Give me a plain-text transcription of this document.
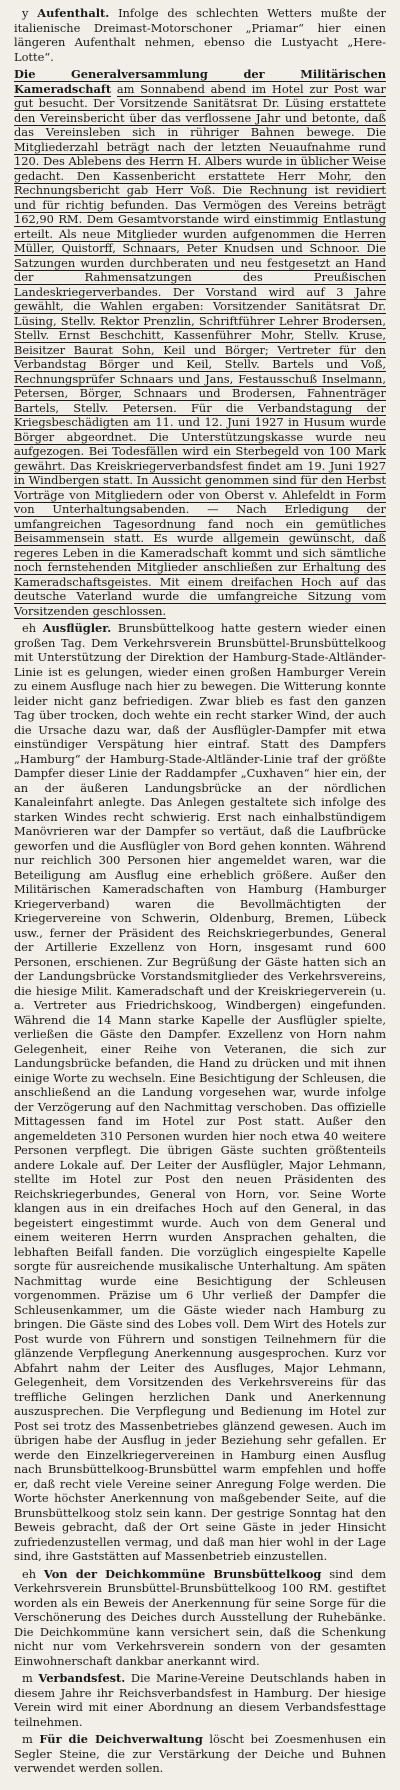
y Aufenthalt. Infolge des schlechten Wetters mußte der italienische Dreimast-Motorschoner „Priamar“ hier einen längeren Aufenthalt nehmen, ebenso die Lustyacht „Here-Lotte“.

Die Generalversammlung der Militärischen Kameradschaft am Sonnabend abend im Hotel zur Post war gut besucht. Der Vorsitzende Sanitätsrat Dr. Lüsing erstattete den Vereinsbericht über das verflossene Jahr und betonte, daß das Vereinsleben sich in rühriger Bahnen bewege. Die Mitgliederzahl beträgt nach der letzten Neuaufnahme rund 120. Des Ablebens des Herrn H. Albers wurde in üblicher Weise gedacht. Den Kassenbericht erstattete Herr Mohr, den Rechnungsbericht gab Herr Voß. Die Rechnung ist revidiert und für richtig befunden. Das Vermögen des Vereins beträgt 162,90 RM. Dem Gesamtvorstande wird einstimmig Entlastung erteilt. Als neue Mitglieder wurden aufgenommen die Herren Müller, Quistorff, Schnaars, Peter Knudsen und Schnoor. Die Satzungen wurden durchberaten und neu festgesetzt an Hand der Rahmensatzungen des Preußischen Landeskriegerverbandes. Der Vorstand wird auf 3 Jahre gewählt, die Wahlen ergaben: Vorsitzender Sanitätsrat Dr. Lüsing, Stellv. Rektor Prenzlin, Schriftführer Lehrer Brodersen, Stellv. Ernst Beschchitt, Kassenführer Mohr, Stellv. Kruse, Beisitzer Baurat Sohn, Keil und Börger; Vertreter für den Verbandstag Börger und Keil, Stellv. Bartels und Voß, Rechnungsprüfer Schnaars und Jans, Festausschuß Inselmann, Petersen, Börger, Schnaars und Brodersen, Fahnenträger Bartels, Stellv. Petersen. Für die Verbandstagung der Kriegsbeschädigten am 11. und 12. Juni 1927 in Husum wurde Börger abgeordnet. Die Unterstützungskasse wurde neu aufgezogen. Bei Todesfällen wird ein Sterbegeld von 100 Mark gewährt. Das Kreiskriegerverbandsfest findet am 19. Juni 1927 in Windbergen statt. In Aussicht genommen sind für den Herbst Vorträge von Mitgliedern oder von Oberst v. Ahlefeldt in Form von Unterhaltungsabenden. — Nach Erledigung der umfangreichen Tagesordnung fand noch ein gemütliches Beisammensein statt. Es wurde allgemein gewünscht, daß regeres Leben in die Kameradschaft kommt und sich sämtliche noch fernstehenden Mitglieder anschließen zur Erhaltung des Kameradschaftsgeistes. Mit einem dreifachen Hoch auf das deutsche Vaterland wurde die umfangreiche Sitzung vom Vorsitzenden geschlossen.

eh Ausflügler. Brunsbüttelkoog hatte gestern wieder einen großen Tag. Dem Verkehrsverein Brunsbüttel-Brunsbüttelkoog mit Unterstützung der Direktion der Hamburg-Stade-Altländer-Linie ist es gelungen, wieder einen großen Hamburger Verein zu einem Ausfluge nach hier zu bewegen. Die Witterung konnte leider nicht ganz befriedigen. Zwar blieb es fast den ganzen Tag über trocken, doch wehte ein recht starker Wind, der auch die Ursache dazu war, daß der Ausflügler-Dampfer mit etwa einstündiger Verspätung hier eintraf. Statt des Dampfers „Hamburg“ der Hamburg-Stade-Altländer-Linie traf der größte Dampfer dieser Linie der Raddampfer „Cuxhaven“ hier ein, der an der äußeren Landungsbrücke an der nördlichen Kanaleinfahrt anlegte. Das Anlegen gestaltete sich infolge des starken Windes recht schwierig. Erst nach einhalbstündigem Manövrieren war der Dampfer so vertäut, daß die Laufbrücke geworfen und die Ausflügler von Bord gehen konnten. Während nur reichlich 300 Personen hier angemeldet waren, war die Beteiligung am Ausflug eine erheblich größere. Außer den Militärischen Kameradschaften von Hamburg (Hamburger Kriegerverband) waren die Bevollmächtigten der Kriegervereine von Schwerin, Oldenburg, Bremen, Lübeck usw., ferner der Präsident des Reichskriegerbundes, General der Artillerie Exzellenz von Horn, insgesamt rund 600 Personen, erschienen. Zur Begrüßung der Gäste hatten sich an der Landungsbrücke Vorstandsmitglieder des Verkehrsvereins, die hiesige Milit. Kameradschaft und der Kreiskriegerverein (u. a. Vertreter aus Friedrichskoog, Windbergen) eingefunden. Während die 14 Mann starke Kapelle der Ausflügler spielte, verließen die Gäste den Dampfer. Exzellenz von Horn nahm Gelegenheit, einer Reihe von Veteranen, die sich zur Landungsbrücke befanden, die Hand zu drücken und mit ihnen einige Worte zu wechseln. Eine Besichtigung der Schleusen, die anschließend an die Landung vorgesehen war, wurde infolge der Verzögerung auf den Nachmittag verschoben. Das offizielle Mittagessen fand im Hotel zur Post statt. Außer den angemeldeten 310 Personen wurden hier noch etwa 40 weitere Personen verpflegt. Die übrigen Gäste suchten größtenteils andere Lokale auf. Der Leiter der Ausflügler, Major Lehmann, stellte im Hotel zur Post den neuen Präsidenten des Reichskriegerbundes, General von Horn, vor. Seine Worte klangen aus in ein dreifaches Hoch auf den General, in das begeistert eingestimmt wurde. Auch von dem General und einem weiteren Herrn wurden Ansprachen gehalten, die lebhaften Beifall fanden. Die vorzüglich eingespielte Kapelle sorgte für ausreichende musikalische Unterhaltung. Am späten Nachmittag wurde eine Besichtigung der Schleusen vorgenommen. Präzise um 6 Uhr verließ der Dampfer die Schleusenkammer, um die Gäste wieder nach Hamburg zu bringen. Die Gäste sind des Lobes voll. Dem Wirt des Hotels zur Post wurde von Führern und sonstigen Teilnehmern für die glänzende Verpflegung Anerkennung ausgesprochen. Kurz vor Abfahrt nahm der Leiter des Ausfluges, Major Lehmann, Gelegenheit, dem Vorsitzenden des Verkehrsvereins für das treffliche Gelingen herzlichen Dank und Anerkennung auszusprechen. Die Verpflegung und Bedienung im Hotel zur Post sei trotz des Massenbetriebes glänzend gewesen. Auch im übrigen habe der Ausflug in jeder Beziehung sehr gefallen. Er werde den Einzelkriegervereinen in Hamburg einen Ausflug nach Brunsbüttelkoog-Brunsbüttel warm empfehlen und hoffe er, daß recht viele Vereine seiner Anregung Folge werden. Die Worte höchster Anerkennung von maßgebender Seite, auf die Brunsbüttelkoog stolz sein kann. Der gestrige Sonntag hat den Beweis gebracht, daß der Ort seine Gäste in jeder Hinsicht zufriedenzustellen vermag, und daß man hier wohl in der Lage sind, ihre Gaststätten auf Massenbetrieb einzustellen.

eh Von der Deichkommüne Brunsbüttelkoog sind dem Verkehrsverein Brunsbüttel-Brunsbüttelkoog 100 RM. gestiftet worden als ein Beweis der Anerkennung für seine Sorge für die Verschönerung des Deiches durch Ausstellung der Ruhebänke. Die Deichkommüne kann versichert sein, daß die Schenkung nicht nur vom Verkehrsverein sondern von der gesamten Einwohnerschaft dankbar anerkannt wird.

m Verbandsfest. Die Marine-Vereine Deutschlands haben in diesem Jahre ihr Reichsverbandsfest in Hamburg. Der hiesige Verein wird mit einer Abordnung an diesem Verbandsfesttage teilnehmen.

m Für die Deichverwaltung löscht bei Zoesmenhusen ein Segler Steine, die zur Verstärkung der Deiche und Buhnen verwendet werden sollen.
